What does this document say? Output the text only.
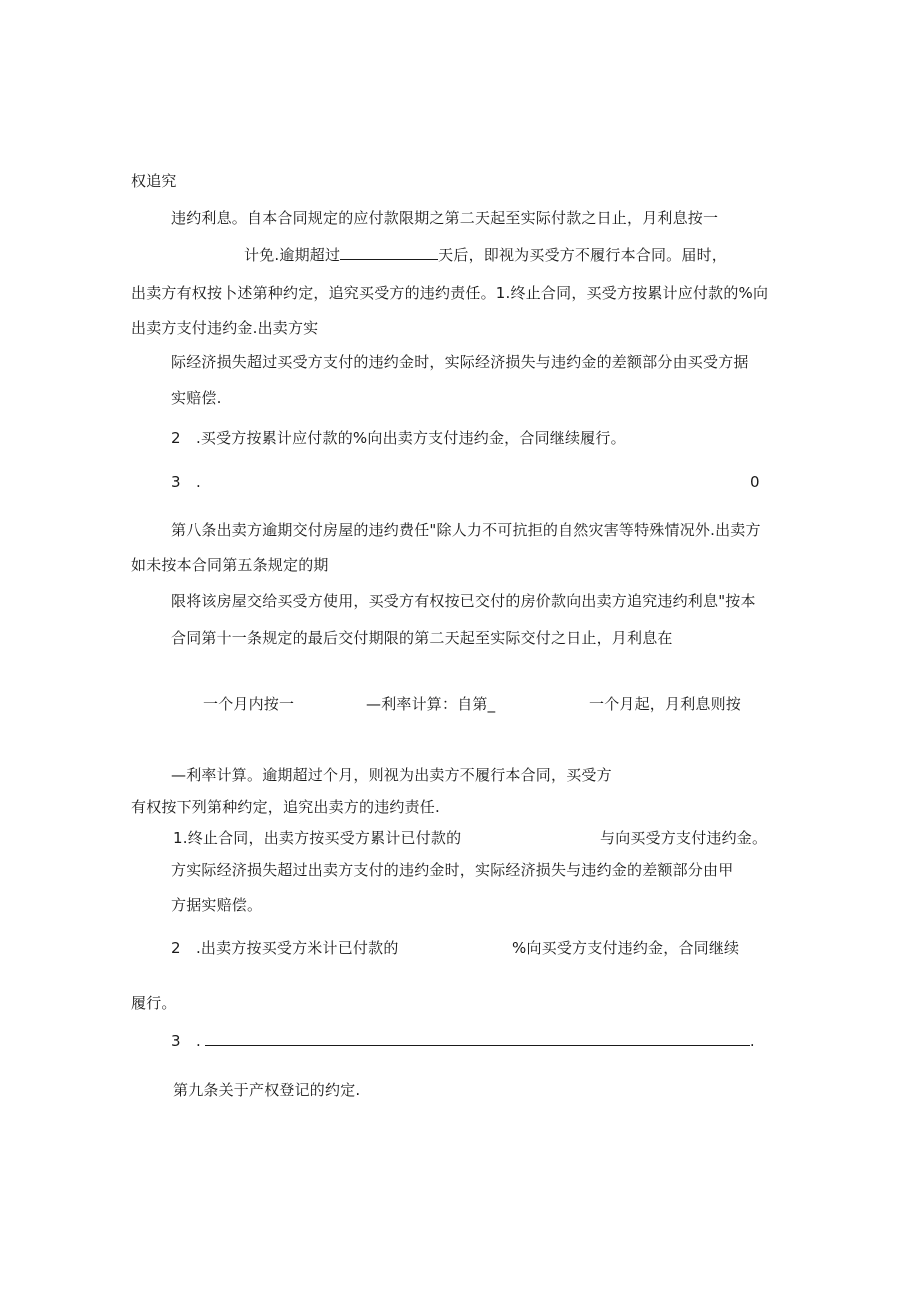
权追究
违约利息。自本合同规定的应付款限期之第二天起至实际付款之日止，月利息按一
计免.逾期超过	天后，即视为买受方不履行本合同。届时，
出卖方有权按卜述第种约定，追究买受方的违约责任。1.终止合同，买受方按累计应付款的%向
出卖方支付违约金.出卖方实
际经济损失超过买受方支付的违约金时，实际经济损失与违约金的差额部分由买受方据
实赔偿.
2　.买受方按累计应付款的%向出卖方支付违约金，合同继续履行。
3　.	0
第八条出卖方逾期交付房屋的违约费任"除人力不可抗拒的自然灾害等特殊情况外.出卖方
如未按本合同第五条规定的期
限将该房屋交给买受方使用，买受方有权按已交付的房价款向出卖方追究违约利息"按本
合同第十一条规定的最后交付期限的第二天起至实际交付之日止，月利息在
一个月内按一	—利率计算：自第_	一个月起，月利息则按
—利率计算。逾期超过个月，则视为出卖方不履行本合同，买受方
有权按下列第种约定，追究出卖方的违约责任.
1.终止合同，出卖方按买受方累计已付款的	与向买受方支付违约金。
方实际经济损失超过出卖方支付的违约金时，实际经济损失与违约金的差额部分由甲
方据实赔偿。
2　.出卖方按买受方米计已付款的	%向买受方支付违约金，合同继续
履行。
3　.	.
第九条关于产权登记的约定.
